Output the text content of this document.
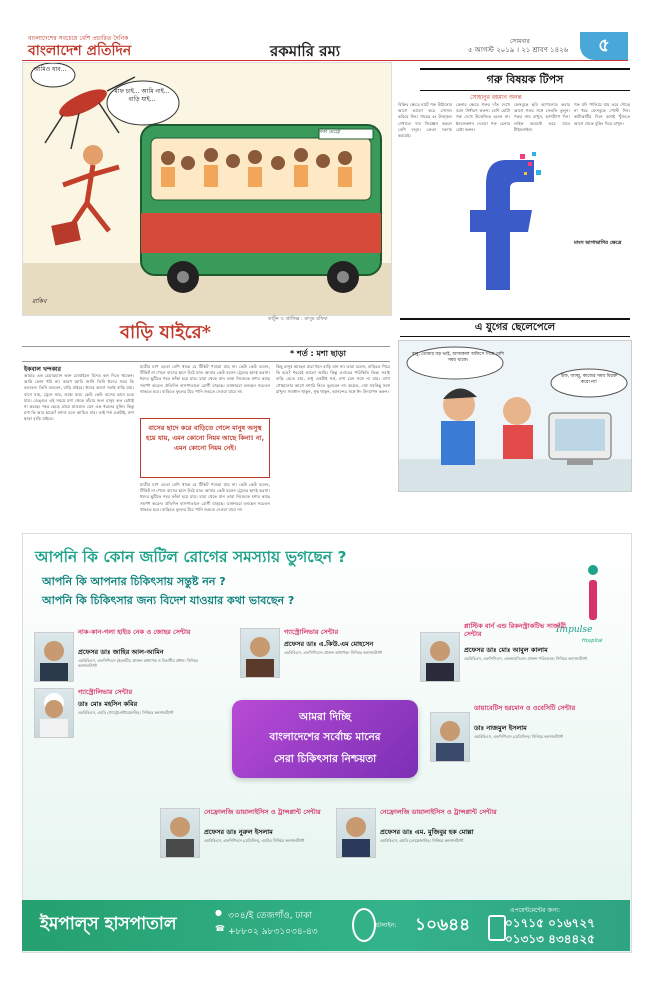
বাংলাদেশের সবচেয়ে বেশি প্রচারিত দৈনিক
বাংলাদেশ প্রতিদিন	রকমারি রম্য
সোমবার
৫ আগস্ট ২০১৯ । ২১ শ্রাবণ ১৪২৬	৫
আমিও যাব...
মাফ চাই... আমি নাই... বাড়ি যাই...
ঢাকা মেট্রো
রাকিব
কার্টুন ও গ্রাফিক্স : মাসুম রফিক
বাড়ি যাইরে*
* শর্ত : মশা ছাড়া
ইকবাল খন্দকার
আমার এক চেয়ারম্যান ভক্ত মোবাইলে মিসড কল দিতে থাকেন। আমি ফোন ধরি না। কারণ আমি জানি তিনি ঈদের সময় কি বলবেন। তিনি বলবেন, বাড়ি যাইরে। ঈদের আগে সবাই বাড়ি যায়। বাসে যায়, ট্রেনে যায়, লঞ্চে যায়। কেউ কেউ বাসের ছাদে চড়ে যায়। ডেঙ্গুর এই সময়ে মশা থেকে বাঁচার জন্য মানুষ কত চেষ্টাই না করছে। শহর ছেড়ে গ্রামে যাওয়াও যেন এক ধরনের মুক্তি। কিন্তু মশা কি আর ছাড়ে? মশাও বলে আমিও যাব। তাই শর্ত একটাই, মশা ছাড়া বাড়ি যাইরে।
যাত্রীর চাপ এতো বেশি থাকে যে টিকিট পাওয়া যায় না। কেউ কেউ বলেন, টিকিট না পেলে বাসের ছাদে উঠে যাব। আবার কেউ বলেন ট্রেনের ছাদই ভরসা। ঈদের ছুটিতে শহর ফাঁকা হয়ে যায়। যারা থেকে যান তারা নিজেকে মশার কাছে সমর্পণ করেন। প্রতিদিন হাসপাতালে রোগী বাড়ছে। ডাক্তাররা বলছেন সচেতন থাকতে হবে। বাড়িতে ফুলের টবে পানি জমতে দেওয়া যাবে না।
বাসের ছাদে করে বাড়িতে গেলে মানুষ অসুস্থ হয়ে যায়, এমন কোনো নিয়ম আছে কিনা! না, এমন কোনো নিয়ম নেই।
যাত্রীর চাপ এতো বেশি থাকে যে টিকিট পাওয়া যায় না। কেউ কেউ বলেন, টিকিট না পেলে বাসের ছাদে উঠে যাব। আবার কেউ বলেন ট্রেনের ছাদই ভরসা। ঈদের ছুটিতে শহর ফাঁকা হয়ে যায়। যারা থেকে যান তারা নিজেকে মশার কাছে সমর্পণ করেন। প্রতিদিন হাসপাতালে রোগী বাড়ছে। ডাক্তাররা বলছেন সচেতন থাকতে হবে। বাড়িতে ফুলের টবে পানি জমতে দেওয়া যাবে না।
কিছু মানুষ আছেন যারা ঈদে বাড়ি যান না। তারা বলেন, বাড়িতে গিয়ে কি হবে? শহরেই ভালো আছি। কিন্তু এবারের পরিস্থিতি ভিন্ন। সবাই বাড়ি যেতে চায়, শুধু একটাই শর্ত, মশা যেন সঙ্গে না যায়। ব্যাগ গোছানোর আগে মশারি নিতে ভুলবেন না। কয়েল, স্প্রে সবকিছু সঙ্গে রাখুন। সাবধান থাকুন, সুস্থ থাকুন, আনন্দের সঙ্গে ঈদ উদযাপন করুন।
গরু বিষয়ক টিপস
সোহানুর রহমান অনন্ত
বিক্রির ক্ষেত্রে হাটে গরু উঠানোর আগে ভালো করে গোসল করিয়ে নিন। গায়ের রং উজ্জ্বল দেখাবে। দাম জিজ্ঞেস করলে বেশি বলুন। ক্রেতা দরদাম করবেই।
কেনার ক্ষেত্রে গরুর দাঁত দেখে বয়স নির্ধারণ করুন। বেশি মোটা গরু দেখে উত্তেজিত হবেন না। ইনজেকশন দেওয়া গরু চেনার চেষ্টা করুন।
ফেসবুকে ছবি আপলোড করার আগে গরুর সঙ্গে সেলফি তুলুন। গরুর নাম রাখুন, হ্যাশট্যাগ দিন। লাইক কমেন্টে ভরে যাবে টাইমলাইন।
মাংস ভাগাভাগির ক্ষেত্রে
গরু যদি পালিয়ে যায় তবে দৌড়ে না ধরে ফেসবুকে পোস্ট দিন। কাটাকাটির দিনে কসাই খুঁজতে আগে থেকে বুকিং দিয়ে রাখুন।
এ যুগের ছেলেপেলে
বাবু, তোমার বড় ভাই, আজকাল অফিসে গিয়ে বেশি সময় থাকে।
উফ, আব্বু, কাজের সময় বিরক্ত করো না!
আপনি কি কোন জটিল রোগের সমস্যায় ভুগছেন ?
আপনি কি আপনার চিকিৎসায় সন্তুষ্ট নন ?
আপনি কি চিকিৎসার জন্য বিদেশ যাওয়ার কথা ভাবছেন ?
Impulse
Hospital
নাক-কান-গলা হাইড নেক ও জোহর সেন্টার
প্রফেসর ডাঃ জাহির আল-আমিন
এমবিবিএস, এফসিপিএস (ইএনটি)। প্রাক্তন অধ্যাপক ও বিভাগীয় প্রধান। সিনিয়র কনসালট্যান্ট
গ্যাস্ট্রোলিভার সেন্টার
প্রফেসর ডাঃ এ.কিউ.এম মোহসেন
এমবিবিএস, এফসিপিএস। প্রাক্তন অধ্যাপক। সিনিয়র কনসালট্যান্ট
প্লাস্টিক বার্ন এন্ড রিকনস্ট্রাকটিভ সার্জারী সেন্টার
প্রফেসর ডাঃ মোঃ আবুল কালাম
এমবিবিএস, এফসিপিএস, এফআরসিএস। প্রাক্তন পরিচালক। সিনিয়র কনসালট্যান্ট
গ্যাস্ট্রোলিভার সেন্টার
ডাঃ মোঃ মহসিন কবির
এমবিবিএস, এমডি (গ্যাস্ট্রোএন্টারোলজি)। সিনিয়র কনসালট্যান্ট
ডায়াবেটিস হরমোন ও ওবেসিটি সেন্টার
ডাঃ নাজমুল ইসলাম
এমবিবিএস, এফসিপিএস (মেডিসিন)। সিনিয়র কনসালট্যান্ট
আমরা দিচ্ছি
বাংলাদেশের সর্বোচ্চ মানের
সেরা চিকিৎসার নিশ্চয়তা
নেফ্রোলজি ডায়ালাইসিস ও ট্রান্সপ্লান্ট সেন্টার
প্রফেসর ডাঃ নুরুল ইসলাম
এমবিবিএস, এফসিপিএস (মেডিসিন), এমডি। সিনিয়র কনসালট্যান্ট
নেফ্রোলজি ডায়ালাইসিস ও ট্রান্সপ্লান্ট সেন্টার
প্রফেসর ডাঃ এম. মুজিবুর হক মোল্লা
এমবিবিএস, এমডি (নেফ্রোলজি)। সিনিয়র কনসালট্যান্ট
ইমপাল্‌স হাসপাতাল
● ৩০৪/ই তেজগাঁও, ঢাকা
☎ +৮৮০২ ৯৮৩১০৩৪-৪৩
হটলাইন: ১০৬৪৪
এপয়েন্টমেন্টের জন্য:
০১৭১৫ ০১৬৭২৭
০১৩১৩ ৪৩৪৪২৫
